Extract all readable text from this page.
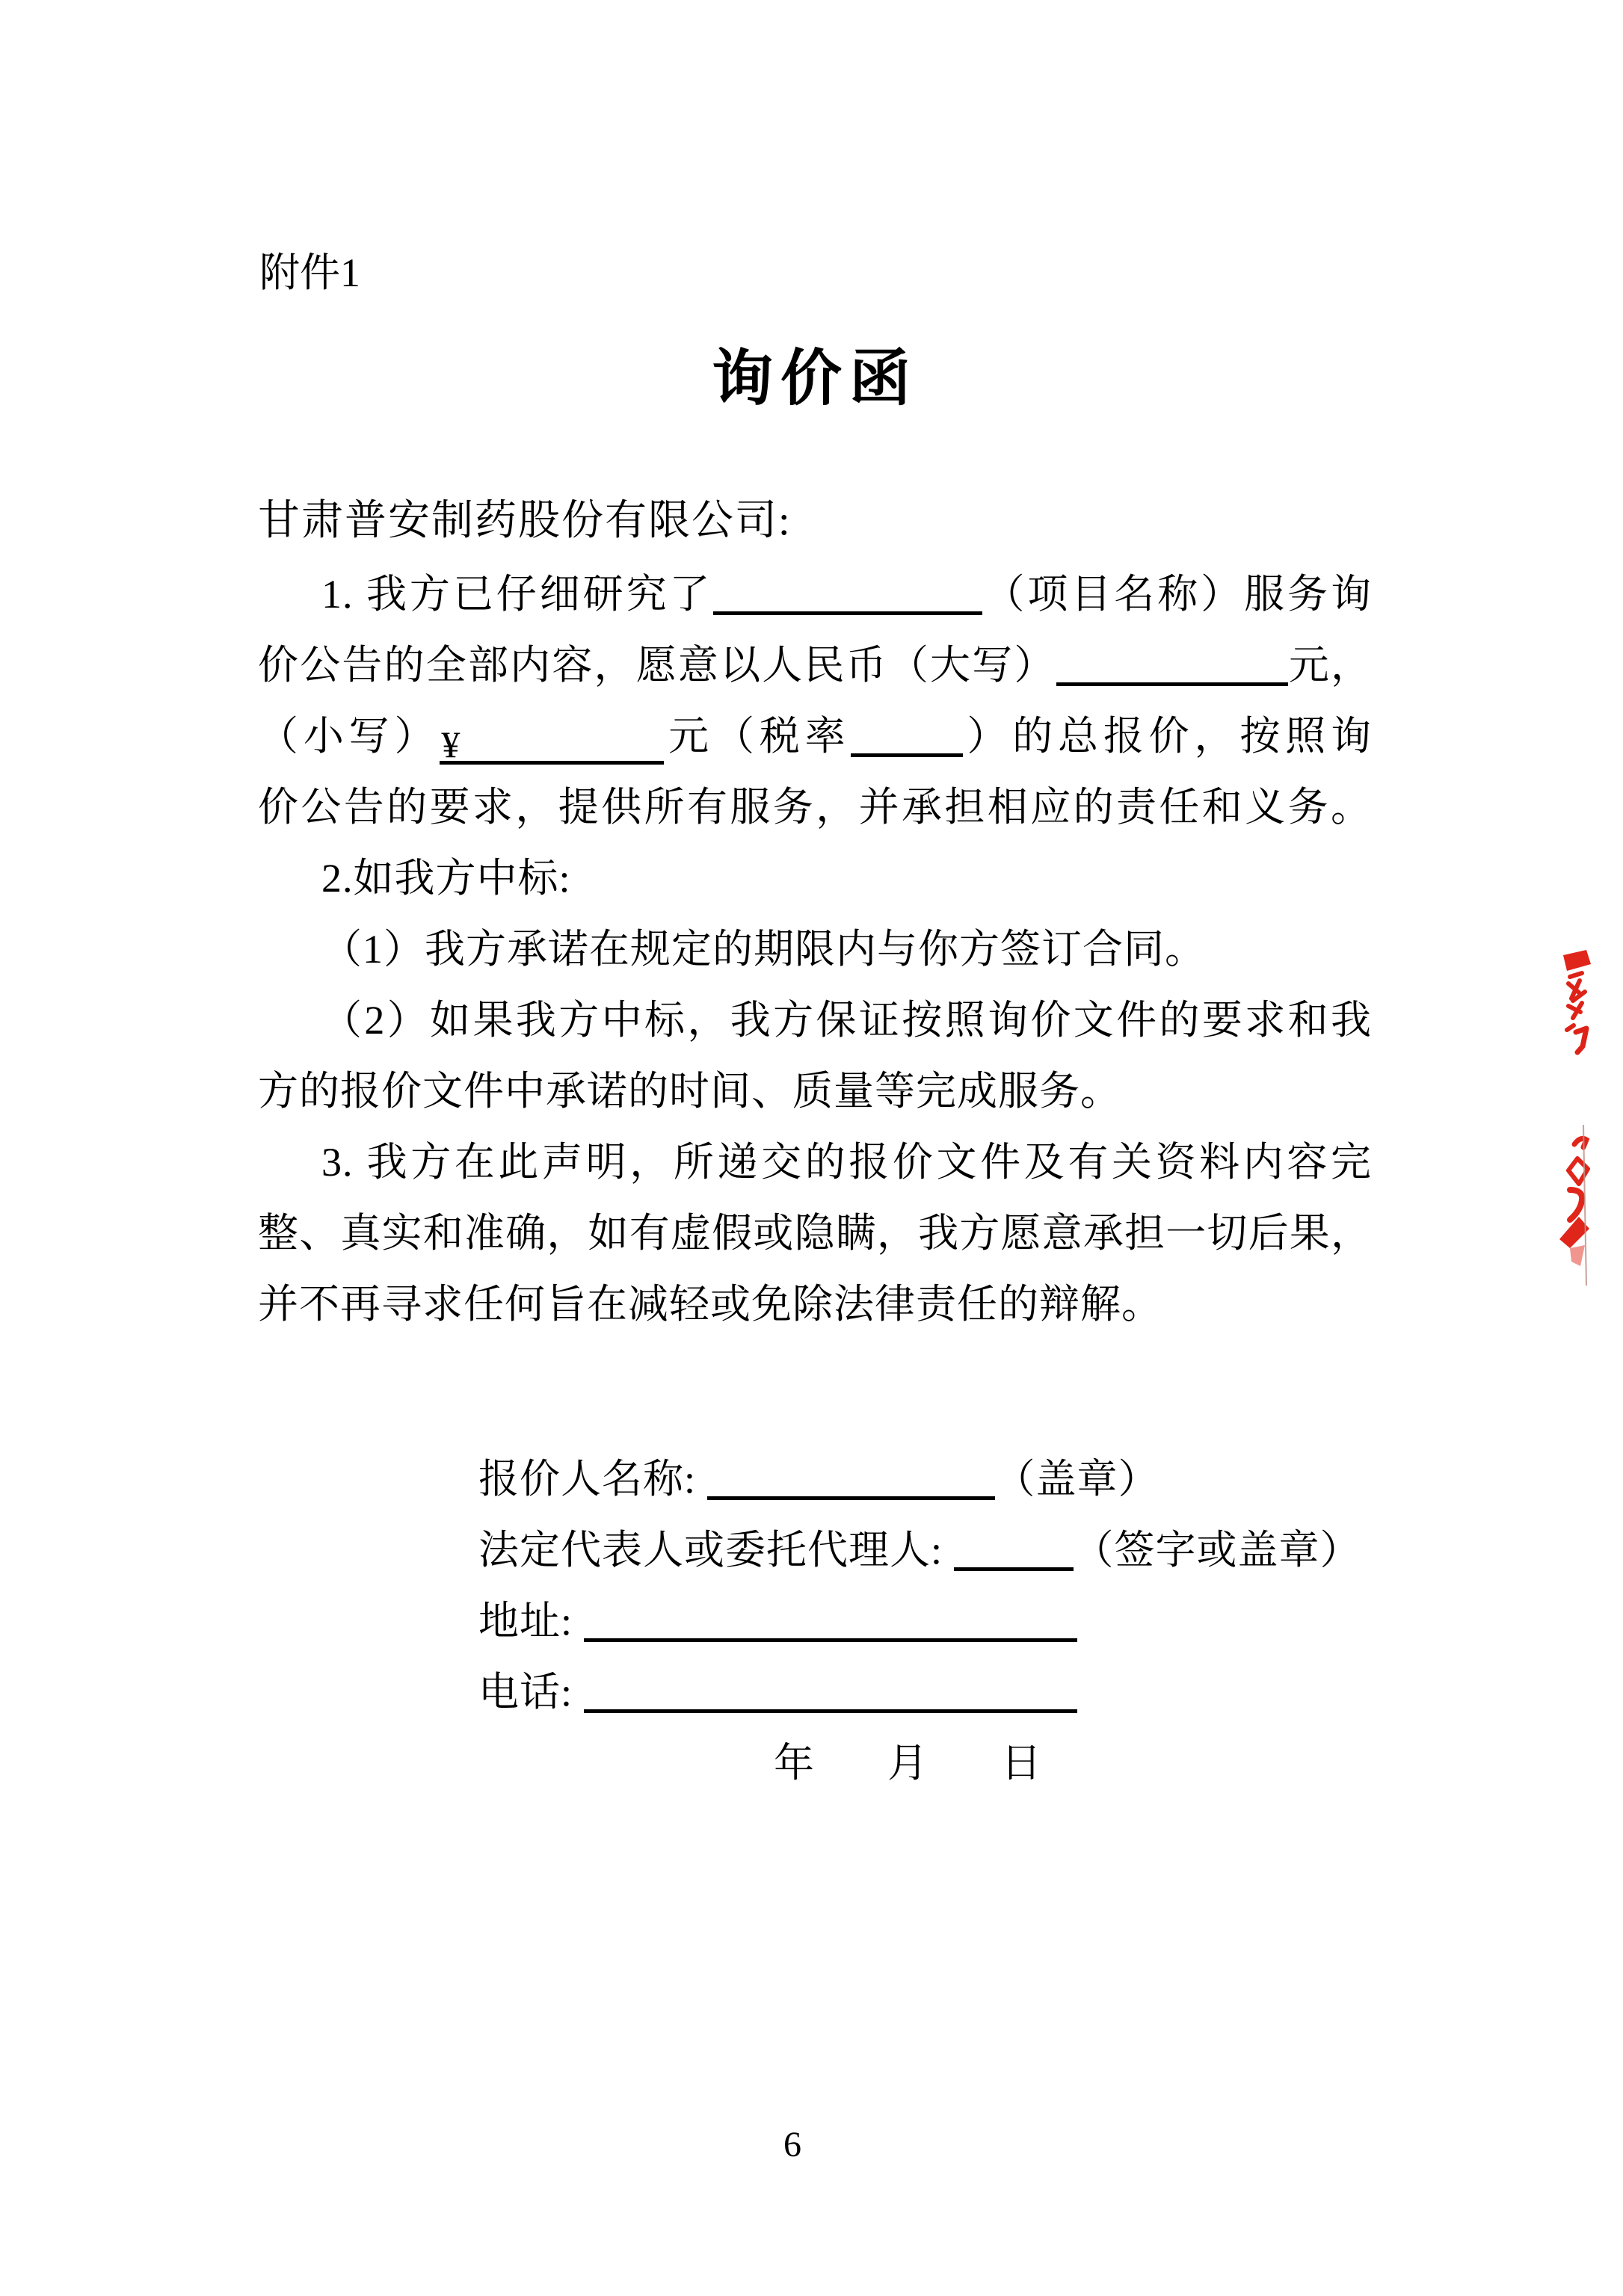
附件1
询价函
甘肃普安制药股份有限公司:
1. 我方已仔细研究了	（项目名称）服务询
价公告的全部内容，愿意以人民币（大写）	元，
（小写）¥	元（税率	）的总报价，按照询
价公告的要求，提供所有服务，并承担相应的责任和义务。
2.如我方中标:
（1）我方承诺在规定的期限内与你方签订合同。
（2）如果我方中标，我方保证按照询价文件的要求和我
方的报价文件中承诺的时间、质量等完成服务。
3. 我方在此声明，所递交的报价文件及有关资料内容完
整、真实和准确，如有虚假或隐瞒，我方愿意承担一切后果，
并不再寻求任何旨在减轻或免除法律责任的辩解。
报价人名称:	（盖章）
法定代表人或委托代理人:	（签字或盖章）
地址:
电话:
年 月 日
6
